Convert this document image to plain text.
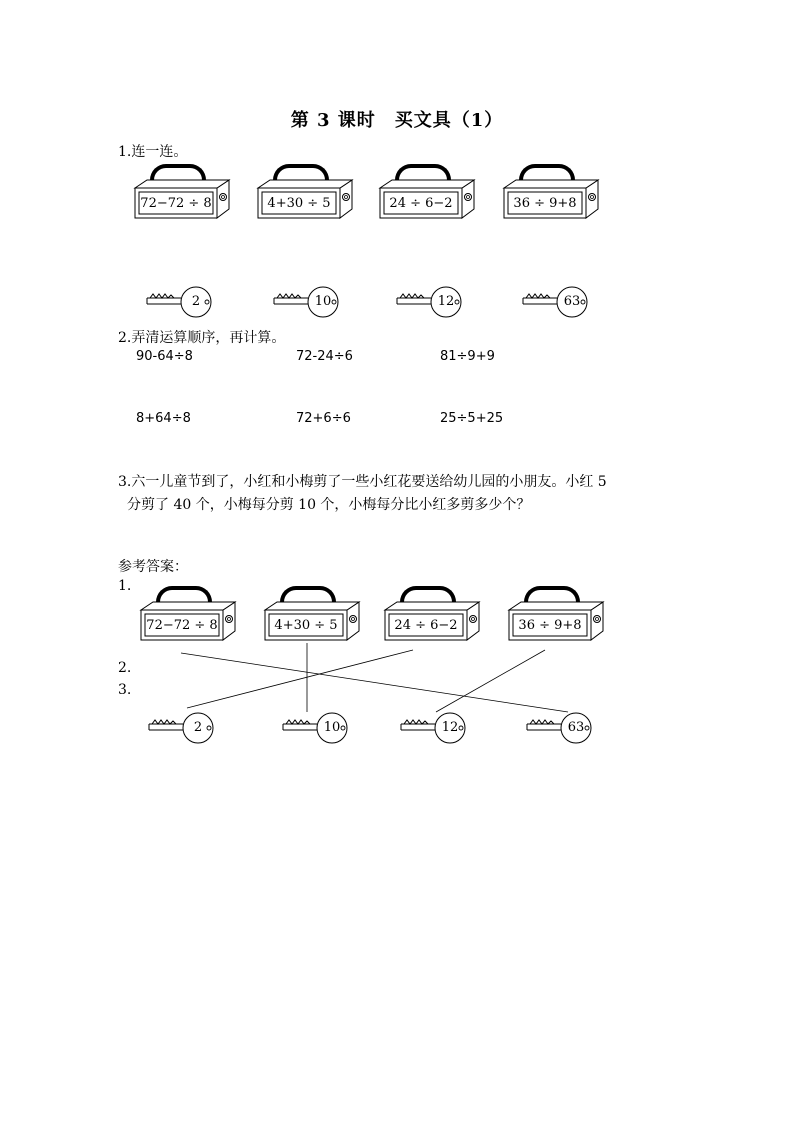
第 3 课时　买文具（1）
1.连一连。
72−72 ÷ 8	4+30 ÷ 5	24 ÷ 6−2	36 ÷ 9+8
2	10	12	63
2.弄清运算顺序，再计算。
90-64÷8	72-24÷6	81÷9+9
8+64÷8	72+6÷6	25÷5+25
3.六一儿童节到了，小红和小梅剪了一些小红花要送给幼儿园的小朋友。小红 5
分剪了 40 个，小梅每分剪 10 个，小梅每分比小红多剪多少个？
参考答案：
1.
2.
3.
72−72 ÷ 8	4+30 ÷ 5	24 ÷ 6−2	36 ÷ 9+8
2	10	12	63
